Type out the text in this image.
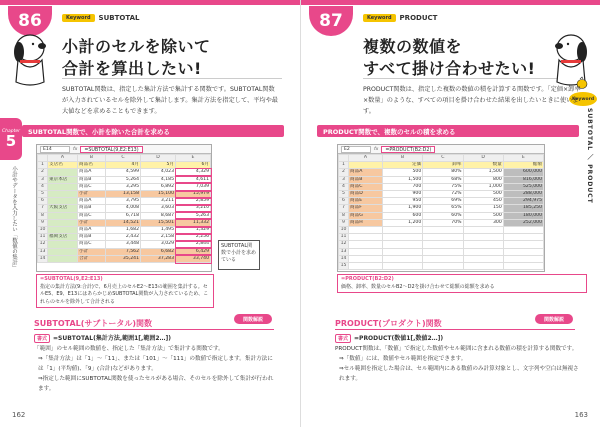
86	Keyword	SUBTOTAL
小計のセルを除いて
合計を算出したい!
SUBTOTAL関数は、指定した集計方法で集計する関数です。SUBTOTAL関数が入力されているセルを除外して集計します。集計方法を指定して、平均や最大値などを求めることもできます。
Chapter
5
小計やデータを入力したい「数値の集計」
SUBTOTAL関数で、小計を除いた合計を求める
E14	fx	=SUBTOTAL(9,E2:E13)
	A	B	C	D	E
1	支店名	商品名	4月	5月	6月
2		商品A	4,599	4,023	4,329
3	東京本店	商品B	5,264	4,185	4,611
4		商品C	3,295	6,892	7,039
5		小計	13,158	15,100	15,979
6		商品A	3,795	3,211	2,859
7	大阪支店	商品B	4,008	3,603	3,210
8		商品C	6,718	8,687	5,263
9		小計	14,521	15,501	11,332
10		商品A	1,682	1,495	1,329
11	福岡支店	商品B	2,432	2,158	2,256
12		商品C	3,448	3,029	2,844
13		小計	7,562	6,682	6,429
14		合計	35,241	37,283	33,740
SUBTOTAL関数で小計を求めている
=SUBTOTAL(9,E2:E13)
指定の集計方法(9:合計)で、6月売上のセルE2～E13の範囲を集計する。セルE5、E9、E13にはあらかじめSUBTOTAL関数が入力されているため、これらのセルを除外して合計される
SUBTOTAL(サブトータル)関数	関数解説
書式 =SUBTOTAL(集計方法,範囲1[,範囲2…])

「範囲」のセル範囲の数値を、指定した「集計方法」で集計する関数です。

⇒「集計方法」は「1」～「11」、または「101」～「111」の数値で指定します。集計方法には「1」(平均値)、「9」(合計)などがあります。

⇒指定した範囲にSUBTOTAL関数を使ったセルがある場合、そのセルを除外して集計が行われます。

162
87	Keyword	PRODUCT
複数の数値を
すべて掛け合わせたい!
Keyword
SUBTOTAL ／ PRODUCT
PRODUCT関数は、指定した複数の数値の積を計算する関数です。「定価×卸率×数量」のような、すべての項目を掛け合わせた結果を出したいときに使います。
PRODUCT関数で、複数のセルの積を求める
E2	fx	=PRODUCT(B2:D2)
	A	B	C	D	E
1		定価	卸率	数量	総額
2	商品A	500	80%	1,500	600,000
3	商品B	1,500	68%	800	816,000
4	商品C	700	75%	1,000	525,000
5	商品D	900	72%	500	288,000
6	商品E	950	69%	450	294,975
7	商品F	1,900	65%	150	185,250
8	商品G	600	60%	500	180,000
9	商品H	1,200	70%	300	252,000
10					
11					
12					
13					
14					
15					
=PRODUCT(B2:D2)
価格、卸率、数量のセルB2～D2を掛け合わせて総額の総額を求める
PRODUCT(プロダクト)関数	関数解説
書式 =PRODUCT(数値1[,数値2…])

PRODUCT関数は、「数値」で指定した数値やセル範囲に含まれる数値の積を計算する関数です。

⇒「数値」には、数値やセル範囲を指定できます。

⇒セル範囲を指定した場合は、セル範囲内にある数値のみ計算対象とし、文字列や空白は無視されます。

163
